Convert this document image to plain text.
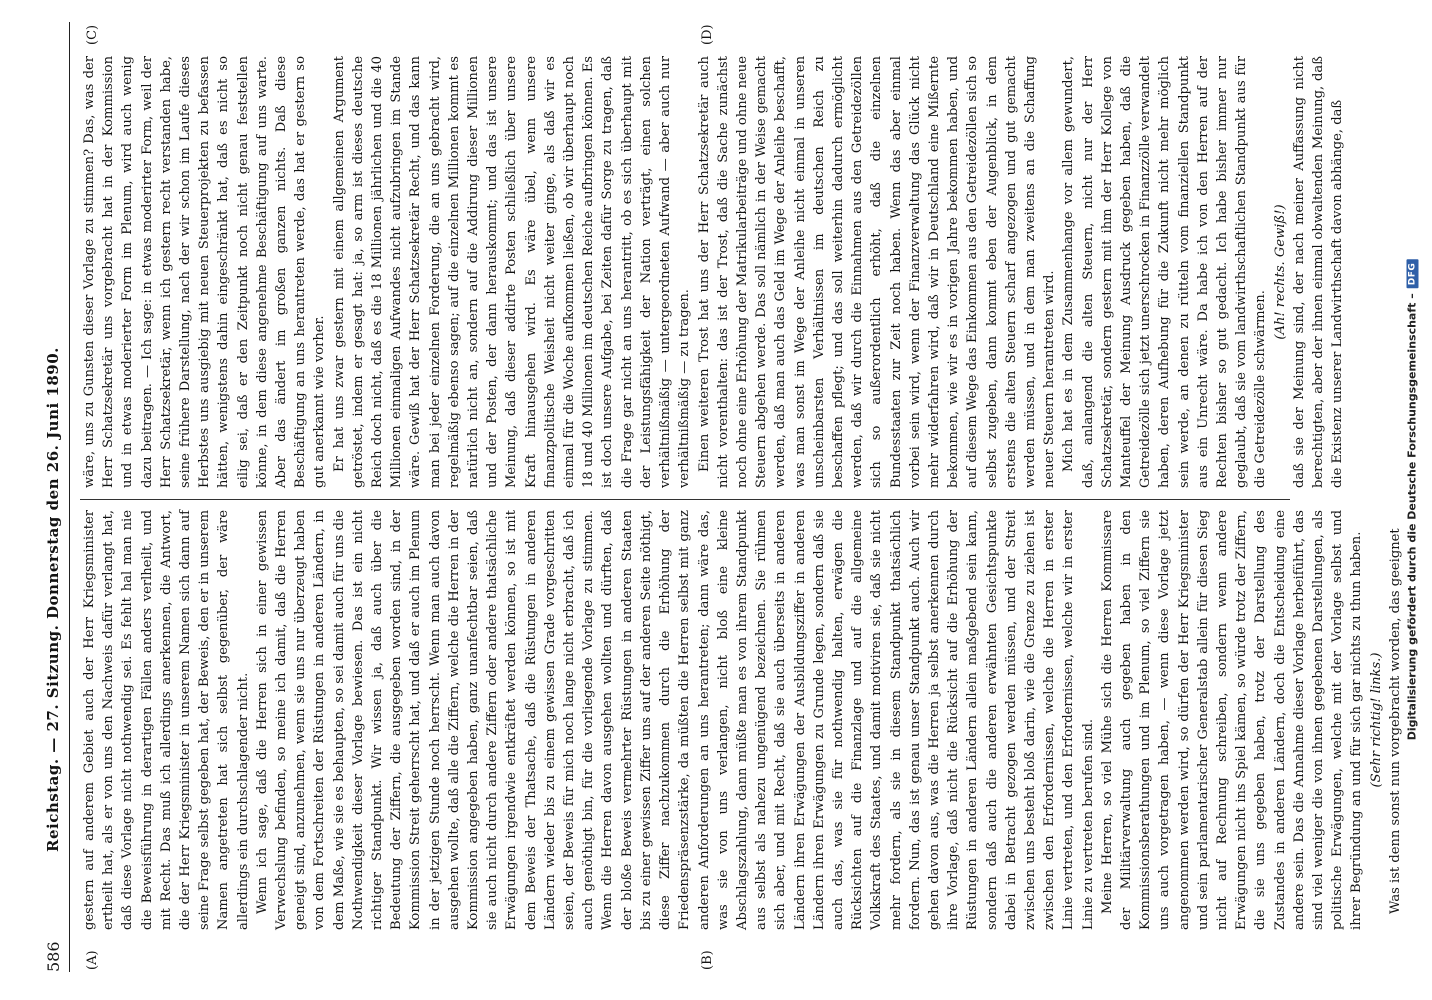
586
Reichstag. — 27. Sitzung. Donnerstag den 26. Juni 1890.
(A)	(B)
(C)	(D)

gestern auf anderem Gebiet auch der Herr Kriegsminister ertheilt hat, als er von uns den Nachweis dafür verlangt hat, daß diese Vorlage nicht nothwendig sei. Es fehlt hal man nie die Beweisführung in derartigen Fällen anders verlheilt, und mit Recht. Das muß ich allerdings anerkennen, die Antwort, die der Herr Kriegsminister in unserem Namen sich dann auf seine Frage selbst gegeben hat, der Beweis, den er in unserem Namen angetreten hat sich selbst gegenüber, der wäre allerdings ein durchschlagender nicht. Wenn ich sage, daß die Herren sich in einer gewissen Verwechslung befinden, so meine ich damit, daß die Herren geneigt sind, anzunehmen, wenn sie uns nur überzeugt haben von dem Fortschreiten der Rüstungen in anderen Ländern, in dem Maße, wie sie es behaupten, so sei damit auch für uns die Nothwendigkeit dieser Vorlage bewiesen. Das ist ein nicht richtiger Standpunkt. Wir wissen ja, daß auch über die Bedeutung der Ziffern, die ausgegeben worden sind, in der Kommission Streit geherrscht hat, und daß er auch im Plenum in der jetzigen Stunde noch herrscht. Wenn man auch davon ausgehen wollte, daß alle die Ziffern, welche die Herren in der Kommission angegeben haben, ganz unanfechtbar seien, daß sie auch nicht durch andere Ziffern oder andere thatsächliche Erwägungen irgendwie entkräftet werden können, so ist mit dem Beweis der Thatsache, daß die Rüstungen in anderen Ländern wieder bis zu einem gewissen Grade vorgeschritten seien, der Beweis für mich noch lange nicht erbracht, daß ich auch genöthigt bin, für die vorliegende Vorlage zu stimmen. Wenn die Herren davon ausgehen wollten und dürften, daß der bloße Beweis vermehrter Rüstungen in anderen Staaten bis zu einer gewissen Ziffer uns auf der anderen Seite nöthigt, diese Ziffer nachzukommen durch die Erhöhung der Friedenspräsenzstärke, da müßten die Herren selbst mit ganz anderen Anforderungen an uns herantreten; dann wäre das, was sie von uns verlangen, nicht bloß eine kleine Abschlagszahlung, dann müßte man es von ihrem Standpunkt aus selbst als nahezu ungenügend bezeichnen. Sie rühmen sich aber, und mit Recht, daß sie auch überseits in anderen Ländern ihren Erwägungen der Ausbildungsziffer in anderen Ländern ihren Erwägungen zu Grunde legen, sondern daß sie auch das, was sie für nothwendig halten, erwägen die Rücksichten auf die Finanzlage und auf die allgemeine Volkskraft des Staates, und damit motiviren sie, daß sie nicht mehr fordern, als sie in diesem Standpunkt thatsächlich fordern. Nun, das ist genau unser Standpunkt auch. Auch wir gehen davon aus, was die Herren ja selbst anerkennen durch ihre Vorlage, daß nicht die Rücksicht auf die Erhöhung der Rüstungen in anderen Ländern allein maßgebend sein kann, sondern daß auch die anderen erwähnten Gesichtspunkte dabei in Betracht gezogen werden müssen, und der Streit zwischen uns besteht bloß darin, wie die Grenze zu ziehen ist zwischen den Erfordernissen, welche die Herren in erster Linie vertreten, und den Erfordernissen, welche wir in erster Linie zu vertreten berufen sind. Meine Herren, so viel Mühe sich die Herren Kommissare der Militärverwaltung auch gegeben haben in den Kommissionsberathungen und im Plenum, so viel Ziffern sie uns auch vorgetragen haben, — wenn diese Vorlage jetzt angenommen werden wird, so dürfen der Herr Kriegsminister und sein parlamentarischer Generalstab allein für diesen Sieg nicht auf Rechnung schreiben, sondern wenn andere Erwägungen nicht ins Spiel kämen, so würde trotz der Ziffern, die sie uns gegeben haben, trotz der Darstellung des Zustandes in anderen Ländern, doch die Entscheidung eine andere sein. Das die Annahme dieser Vorlage herbeiführt, das sind viel weniger die von ihnen gegebenen Darstellungen, als politische Erwägungen, welche mit der Vorlage selbst und ihrer Begründung an und für sich gar nichts zu thun haben. (Sehr richtig! links.) Was ist denn sonst nun vorgebracht worden, das geeignet

wäre, uns zu Gunsten dieser Vorlage zu stimmen? Das, was der Herr Schatzsekretär uns vorgebracht hat in der Kommission und in etwas moderierter Form im Plenum, wird auch wenig dazu beitragen. — Ich sage: in etwas moderirter Form, weil der Herr Schatzsekretär, wenn ich gestern recht verstanden habe, seine frühere Darstellung, nach der wir schon im Laufe dieses Herbstes uns ausgiebig mit neuen Steuerprojekten zu befassen hätten, wenigstens dahin eingeschränkt hat, daß es nicht so eilig sei, daß er den Zeitpunkt noch nicht genau feststellen könne, in dem diese angenehme Beschäftigung auf uns warte. Aber das ändert im großen ganzen nichts. Daß diese Beschäftigung an uns herantreten werde, das hat er gestern so gut anerkannt wie vorher. Er hat uns zwar gestern mit einem allgemeinen Argument getröstet, indem er gesagt hat: ja, so arm ist dieses deutsche Reich doch nicht, daß es die 18 Millionen jährlichen und die 40 Millionen einmaligen Aufwandes nicht aufzubringen im Stande wäre. Gewiß hat der Herr Schatzsekretär Recht, und das kann man bei jeder einzelnen Forderung, die an uns gebracht wird, regelmäßig ebenso sagen; auf die einzelnen Millionen kommt es natürlich nicht an, sondern auf die Addirung dieser Millionen und der Posten, der dann herauskommt; und das ist unsere Meinung, daß dieser addirte Posten schließlich über unsere Kraft hinausgehen wird. Es wäre übel, wenn unsere finanzpolitische Weisheit nicht weiter ginge, als daß wir es einmal für die Woche aufkommen ließen, ob wir überhaupt noch 18 und 40 Millionen im deutschen Reiche aufbringen können. Es ist doch unsere Aufgabe, bei Zeiten dafür Sorge zu tragen, daß die Frage gar nicht an uns herantritt, ob es sich überhaupt mit der Leistungsfähigkeit der Nation verträgt, einen solchen verhältnißmäßig — untergeordneten Aufwand — aber auch nur verhältnißmäßig — zu tragen. Einen weiteren Trost hat uns der Herr Schatzsekretär auch nicht vorenthalten: das ist der Trost, daß die Sache zunächst noch ohne eine Erhöhung der Matrikularbeiträge und ohne neue Steuern abgehen werde. Das soll nämlich in der Weise gemacht werden, daß man auch das Geld im Wege der Anleihe beschafft, was man sonst im Wege der Anleihe nicht einmal in unseren unscheinbarsten Verhältnissen im deutschen Reich zu beschaffen pflegt; und das soll weiterhin dadurch ermöglicht werden, daß wir durch die Einnahmen aus den Getreidezöllen sich so außerordentlich erhöht, daß die einzelnen Bundesstaaten zur Zeit noch haben. Wenn das aber einmal vorbei sein wird, wenn der Finanzverwaltung das Glück nicht mehr widerfahren wird, daß wir in Deutschland eine Mißernte bekommen, wie wir es in vorigen Jahre bekommen haben, und auf diesem Wege das Einkommen aus den Getreidezöllen sich so selbst zugeben, dann kommt eben der Augenblick, in dem erstens die alten Steuern scharf angezogen und gut gemacht werden müssen, und in dem man zweitens an die Schaffung neuer Steuern herantreten wird. Mich hat es in dem Zusammenhange vor allem gewundert, daß, anlangend die alten Steuern, nicht nur der Herr Schatzsekretär, sondern gestern mit ihm der Herr Kollege von Manteuffel der Meinung Ausdruck gegeben haben, daß die Getreidezölle sich jetzt unerschrocken in Finanzzölle verwandelt haben, deren Aufhebung für die Zukunft nicht mehr möglich sein werde, an denen zu rütteln vom finanziellen Standpunkt aus ein Unrecht wäre. Da habe ich von den Herren auf der Rechten bisher so gut gedacht. Ich habe bisher immer nur geglaubt, daß sie vom landwirthschaftlichen Standpunkt aus für die Getreidezölle schwärmen.

(Ah! rechts. Gewiß!) daß sie der Meinung sind, der nach meiner Auffassung nicht berechtigten, aber der ihnen einmal obwaltenden Meinung, daß die Existenz unserer Landwirthschaft davon abhänge, daß	Digitalisierung gefördert durch die Deutsche Forschungsgemeinschaft –
DFG
